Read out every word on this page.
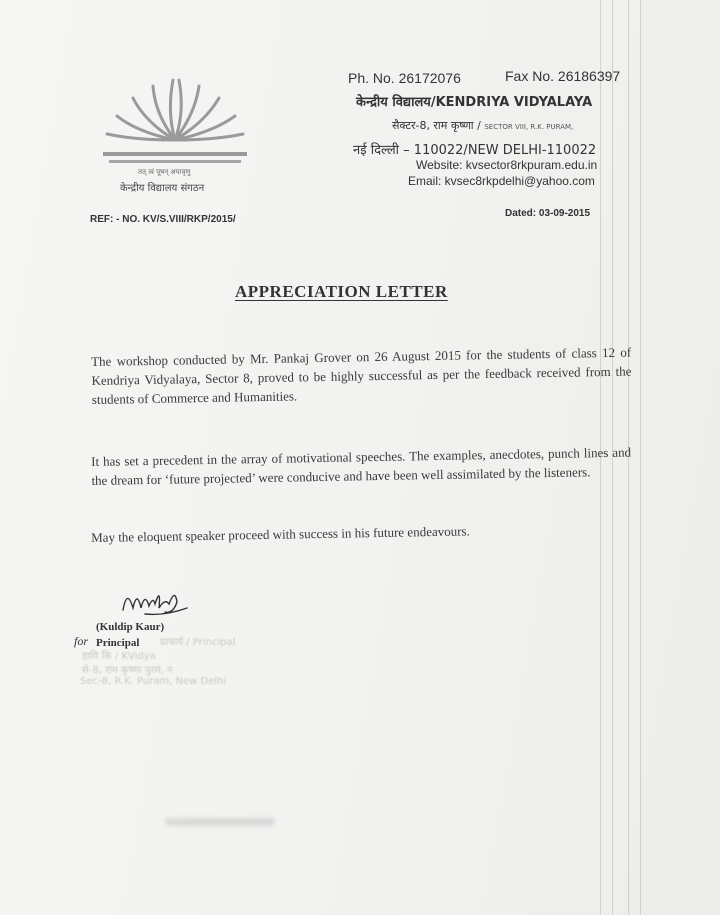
तत् त्वं पूषन् अपावृणु
केन्द्रीय विद्यालय संगठन
Ph. No. 26172076	Fax No. 26186397
केन्द्रीय विद्यालय/KENDRIYA VIDYALAYA
सैक्टर-8, राम कृष्णा / SECTOR VIII, R.K. PURAM,
नई दिल्ली – 110022/NEW DELHI-110022
Website: kvsector8rkpuram.edu.in
Email: kvsec8rkpdelhi@yahoo.com
REF: - NO. KV/S.VIII/RKP/2015/
Dated: 03-09-2015
APPRECIATION LETTER

The workshop conducted by Mr. Pankaj Grover on 26 August 2015 for the students of class 12 of Kendriya Vidyalaya, Sector 8, proved to be highly successful as per the feedback received from the students of Commerce and Humanities.

It has set a precedent in the array of motivational speeches. The examples, anecdotes, punch lines and the dream for ‘future projected’ were conducive and have been well assimilated by the listeners.

May the eloquent speaker proceed with success in his future endeavours.

प्राचार्य / Principal
हायि कि / KVidya
से-8, राम कृष्णा पुरम, न
Sec-8, R.K. Puram, New Delhi
(Kuldip Kaur)
for Principal
